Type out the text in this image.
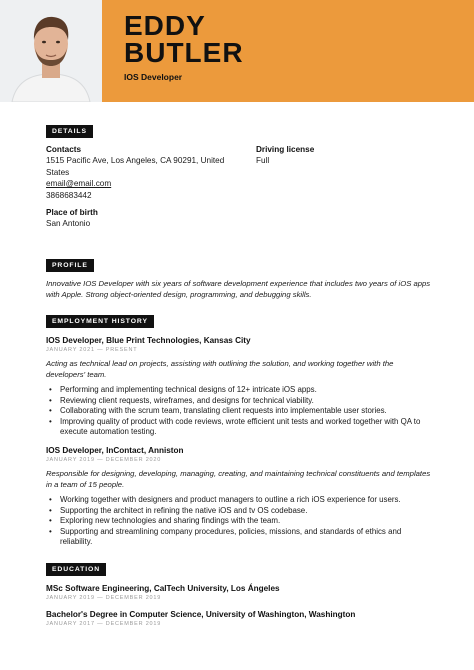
EDDY
BUTLER
IOS Developer
DETAILS
Contacts
1515 Pacific Ave, Los Angeles, CA 90291, United States
email@email.com
3868683442
Place of birth
San Antonio
Driving license
Full
PROFILE
Innovative IOS Developer with six years of software development experience that includes two years of iOS apps with Apple. Strong object-oriented design, programming, and debugging skills.
EMPLOYMENT HISTORY
IOS Developer, Blue Print Technologies, Kansas City
JANUARY 2021 — PRESENT
Acting as technical lead on projects, assisting with outlining the solution, and working together with the developers' team.
• Performing and implementing technical designs of 12+ intricate iOS apps.
• Reviewing client requests, wireframes, and designs for technical viability.
• Collaborating with the scrum team, translating client requests into implementable user stories.
• Improving quality of product with code reviews, wrote efficient unit tests and worked together with QA to execute automation testing.
IOS Developer, InContact, Anniston
JANUARY 2019 — DECEMBER 2020
Responsible for designing, developing, managing, creating, and maintaining technical constituents and templates in a team of 15 people.
• Working together with designers and product managers to outline a rich iOS experience for users.
• Supporting the architect in refining the native iOS and tv OS codebase.
• Exploring new technologies and sharing findings with the team.
• Supporting and streamlining company procedures, policies, missions, and standards of ethics and reliability.
EDUCATION
MSc Software Engineering, CalTech University, Los Ángeles
JANUARY 2019 — DECEMBER 2019
Bachelor's Degree in Computer Science, University of Washington, Washington
JANUARY 2017 — DECEMBER 2019
